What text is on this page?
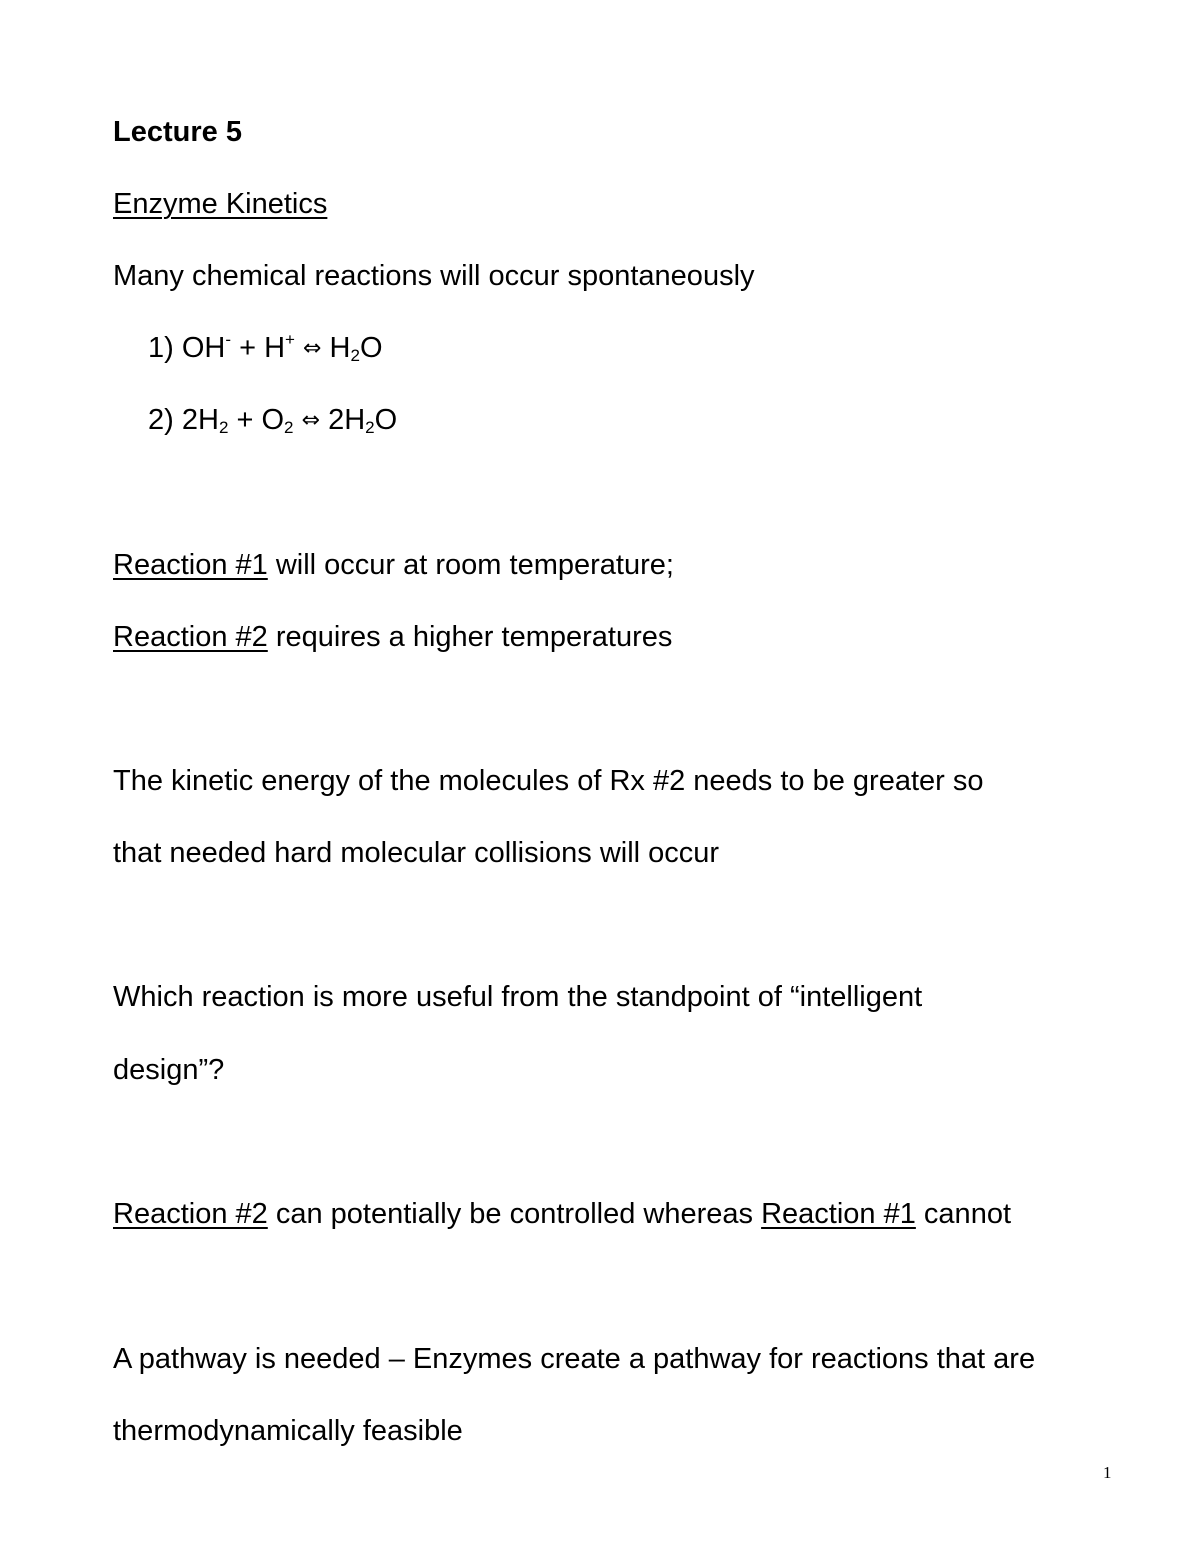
Lecture 5
Enzyme Kinetics
Many chemical reactions will occur spontaneously
1) OH- + H+ ⇔ $H_2O$
2) $2H_2 + O_2$ ⇔ $2H_2O$
Reaction #1 will occur at room temperature;
Reaction #2 requires a higher temperatures
The kinetic energy of the molecules of Rx #2 needs to be greater so
that needed hard molecular collisions will occur
Which reaction is more useful from the standpoint of “intelligent
design”?
Reaction #2 can potentially be controlled whereas Reaction #1 cannot
A pathway is needed – Enzymes create a pathway for reactions that are
thermodynamically feasible
1
